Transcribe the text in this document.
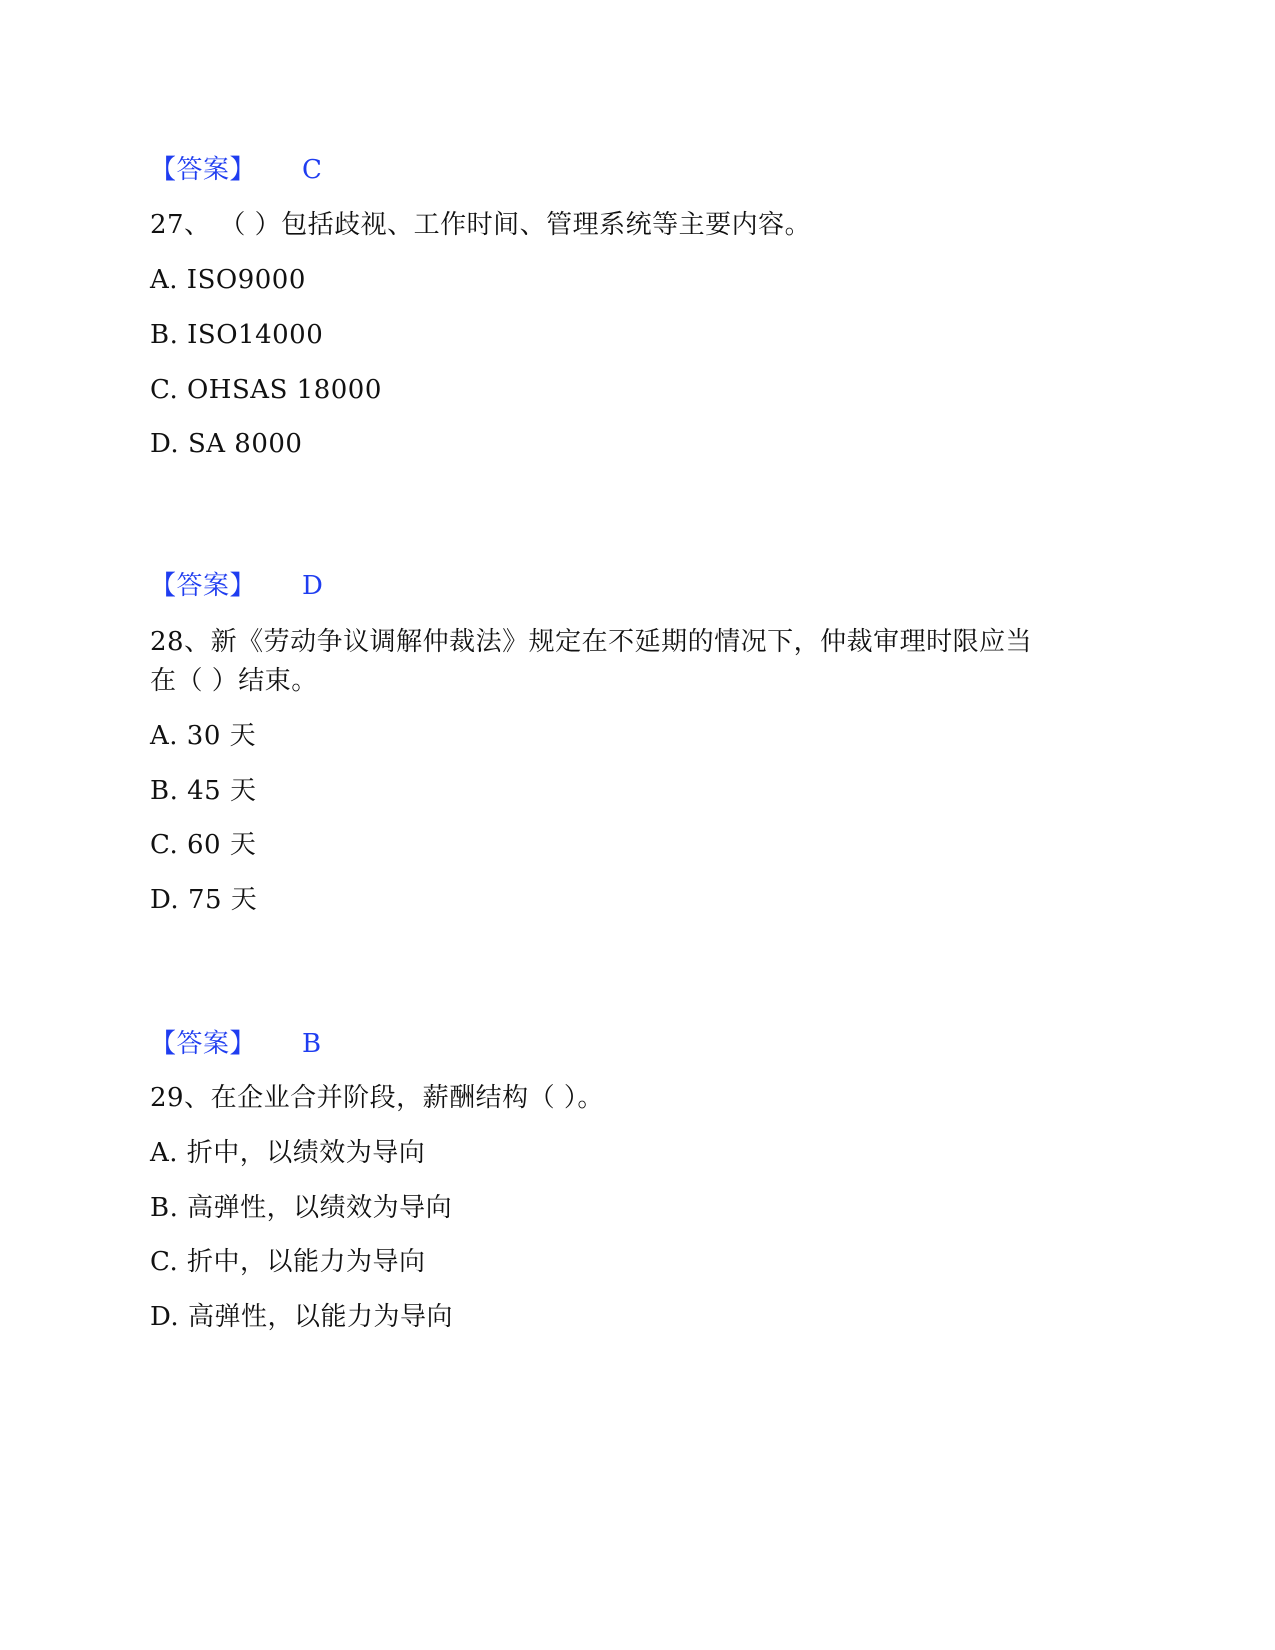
【答案】 C
27、 （ ）包括歧视、工作时间、管理系统等主要内容。
A. ISO9000
B. ISO14000
C. OHSAS 18000
D. SA 8000
【答案】 D
28、新《劳动争议调解仲裁法》规定在不延期的情况下，仲裁审理时限应当
在（ ）结束。
A. 30 天
B. 45 天
C. 60 天
D. 75 天
【答案】 B
29、在企业合并阶段，薪酬结构（ ）。
A. 折中，以绩效为导向
B. 高弹性，以绩效为导向
C. 折中，以能力为导向
D. 高弹性，以能力为导向
